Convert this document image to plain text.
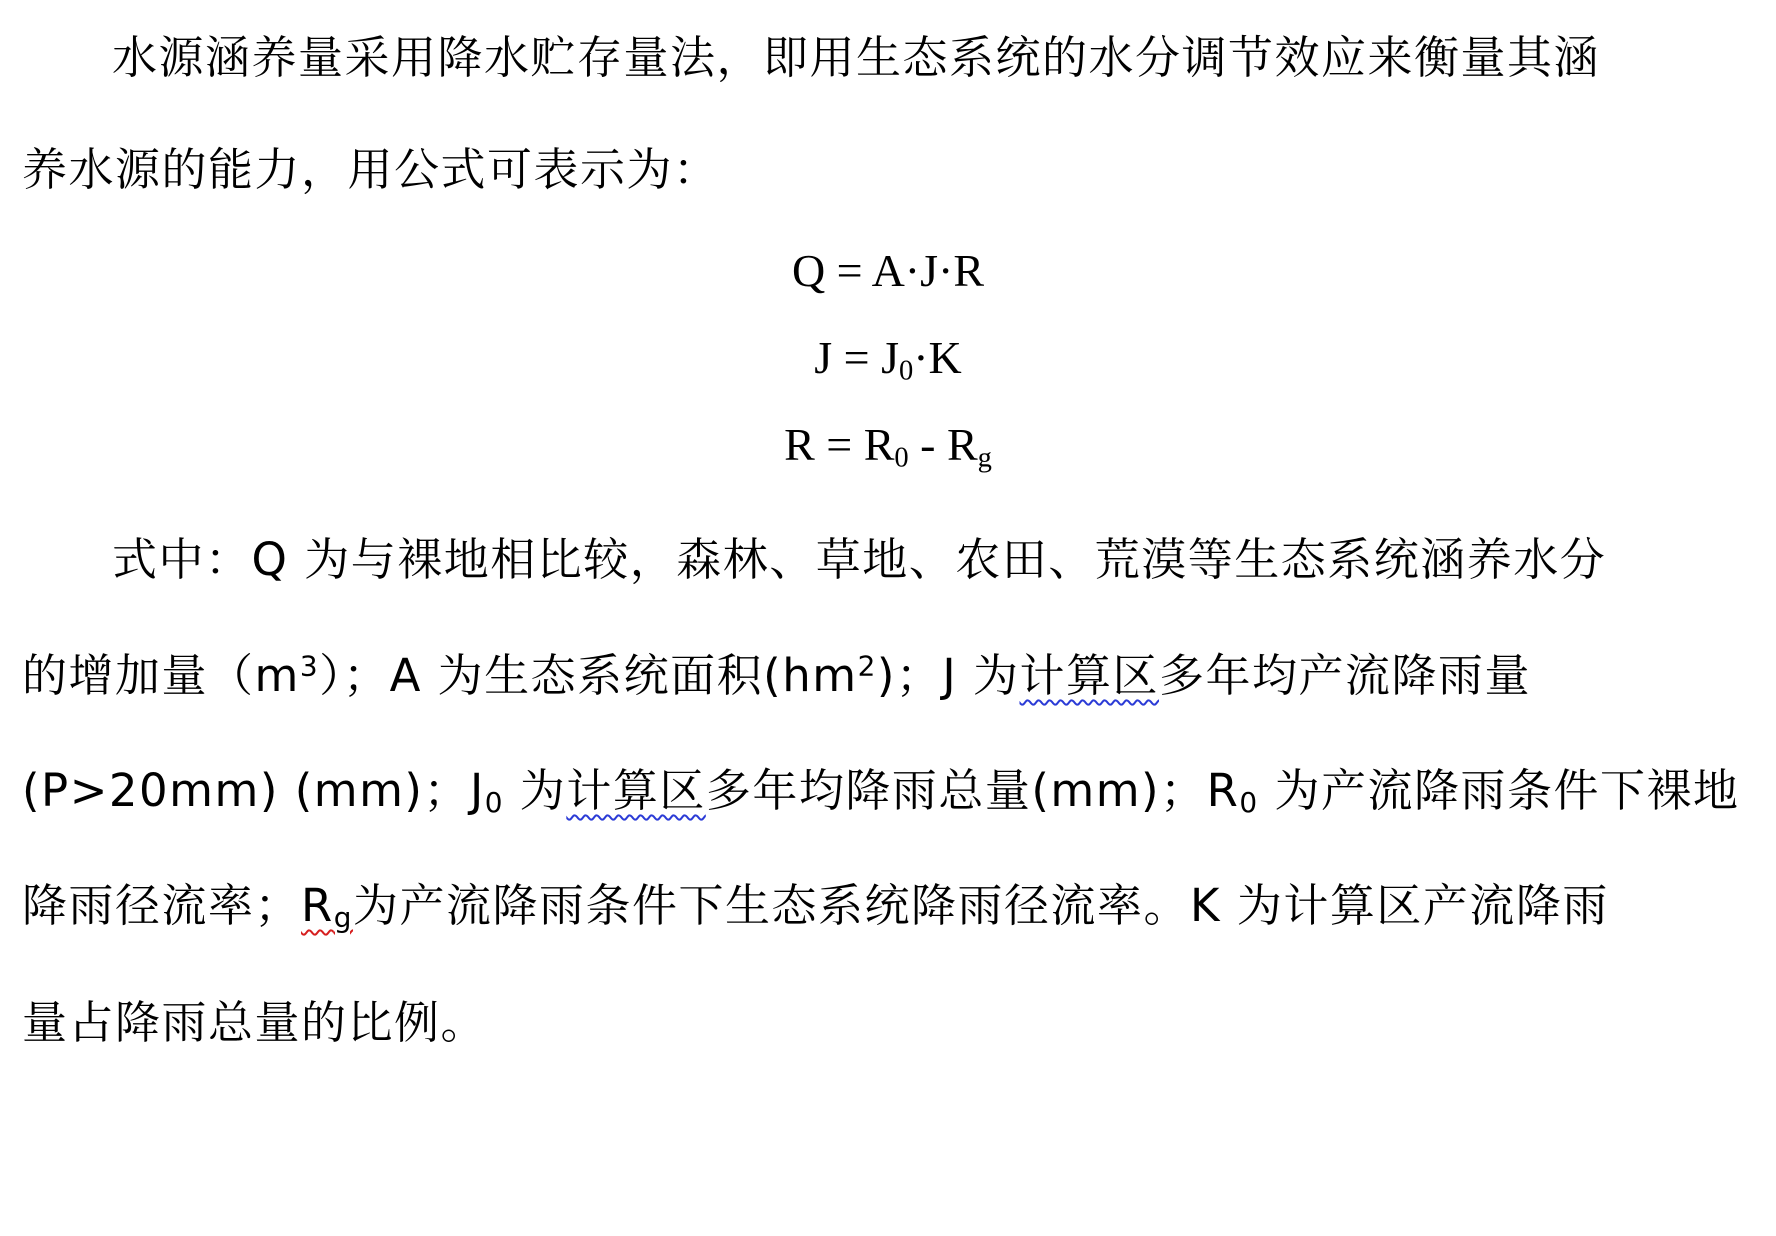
水源涵养量采用降水贮存量法，即用生态系统的水分调节效应来衡量其涵
养水源的能力，用公式可表示为：
Q = A·J·R
$J = J_0\cdot K$
$R = R_0 - R_g$
式中：Q 为与裸地相比较，森林、草地、农田、荒漠等生态系统涵养水分
的增加量$(m^3)$；A 为生态系统面积$(hm^2)$；J 为计算区多年均产流降雨量
(P>20mm) (mm)；$J_0$ 为计算区多年均降雨总量(mm)；$R_0$ 为产流降雨条件下裸地
降雨径流率；$R_g$为产流降雨条件下生态系统降雨径流率。K 为计算区产流降雨
量占降雨总量的比例。
